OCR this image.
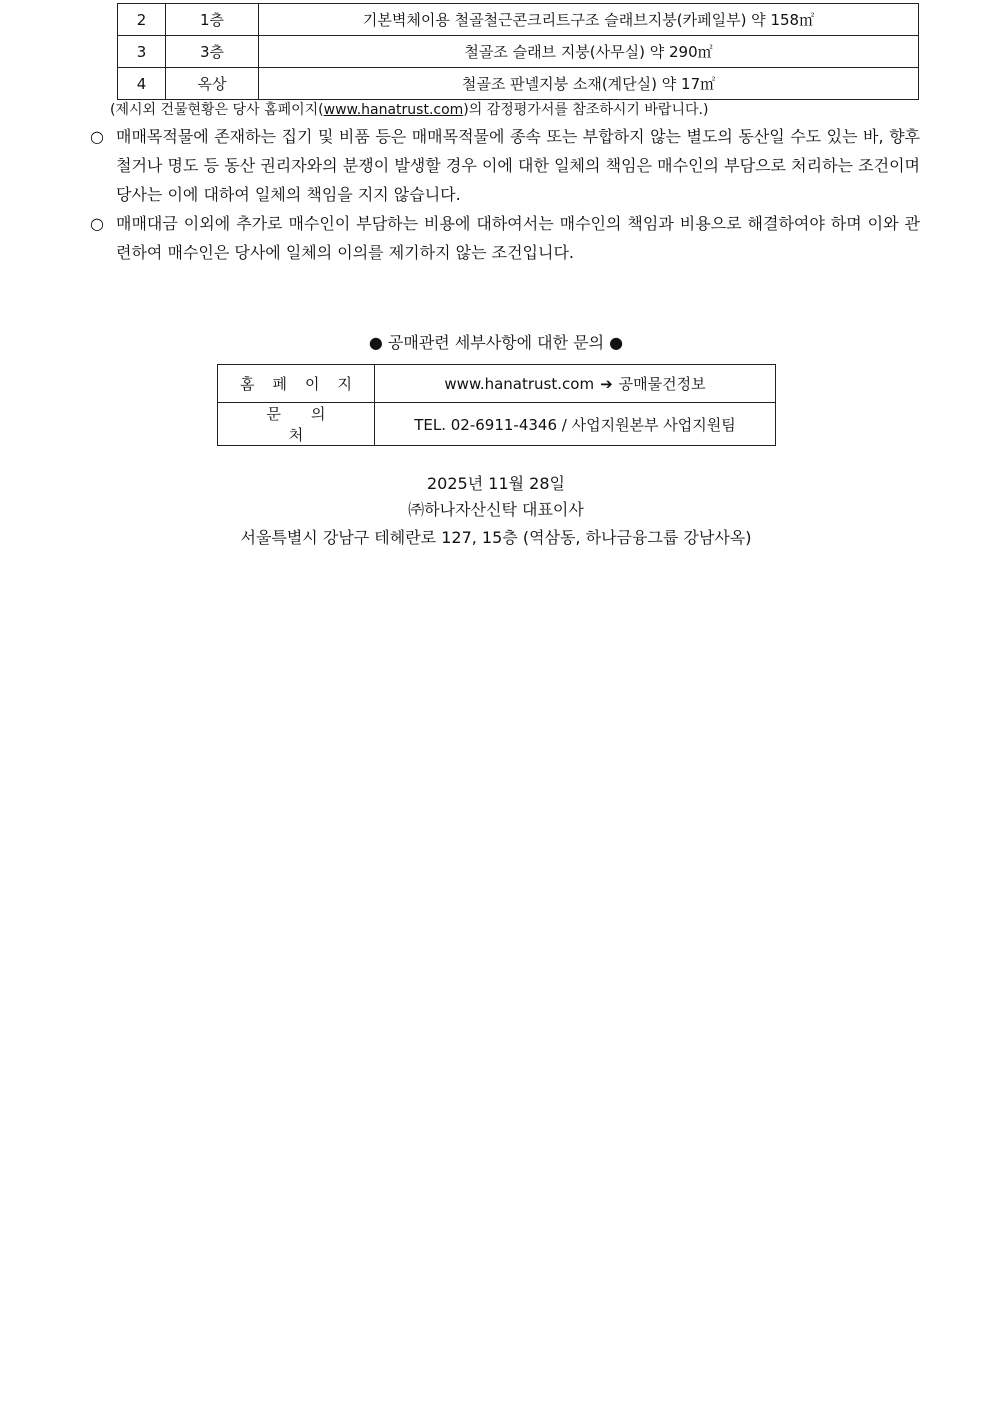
2	1층	기본벽체이용 철골철근콘크리트구조 슬래브지붕(카페일부) 약 158㎡
3	3층	철골조 슬래브 지붕(사무실) 약 290㎡
4	옥상	철골조 판넬지붕 소재(계단실) 약 17㎡
(제시외 건물현황은 당사 홈페이지(www.hanatrust.com)의 감정평가서를 참조하시기 바랍니다.)
○ 매매목적물에 존재하는 집기 및 비품 등은 매매목적물에 종속 또는 부합하지 않는 별도의 동산일 수도 있는 바, 향후 철거나 명도 등 동산 권리자와의 분쟁이 발생할 경우 이에 대한 일체의 책임은 매수인의 부담으로 처리하는 조건이며 당사는 이에 대하여 일체의 책임을 지지 않습니다.
○ 매매대금 이외에 추가로 매수인이 부담하는 비용에 대하여서는 매수인의 책임과 비용으로 해결하여야 하며 이와 관련하여 매수인은 당사에 일체의 이의를 제기하지 않는 조건입니다.
● 공매관련 세부사항에 대한 문의 ●
홈페이지	www.hanatrust.com ➔ 공매물건정보
문의처	TEL. 02-6911-4346 / 사업지원본부 사업지원팀
2025년 11월 28일
㈜하나자산신탁 대표이사
서울특별시 강남구 테헤란로 127, 15층 (역삼동, 하나금융그룹 강남사옥)
